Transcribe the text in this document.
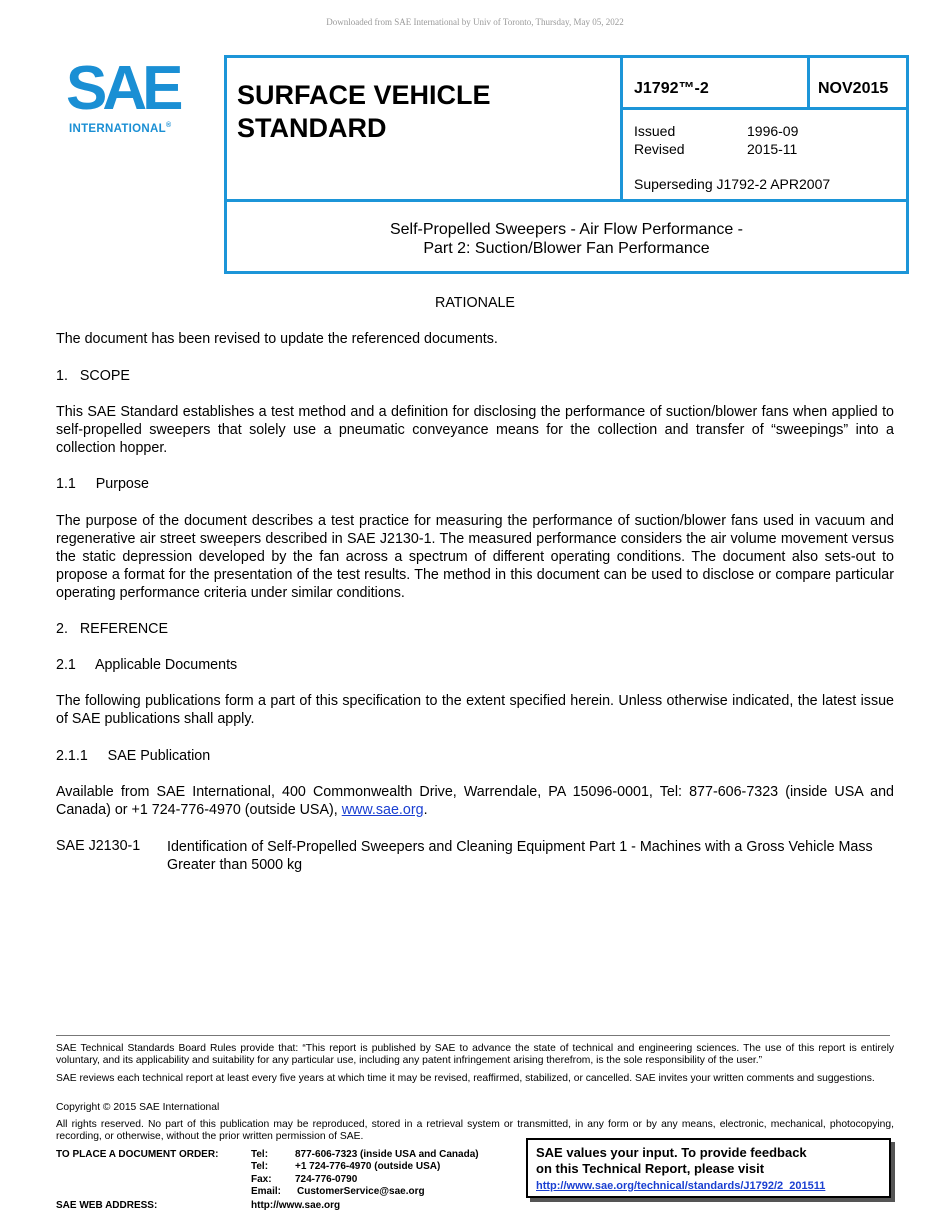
Downloaded from SAE International by Univ of Toronto, Thursday, May 05, 2022
SAE
INTERNATIONAL®
SURFACE VEHICLE
STANDARD
J1792™-2	NOV2015
Issued	1996-09
Revised	2015-11
Superseding J1792-2 APR2007
Self-Propelled Sweepers - Air Flow Performance -
Part 2: Suction/Blower Fan Performance
RATIONALE
The document has been revised to update the referenced documents.
1.   SCOPE
This SAE Standard establishes a test method and a definition for disclosing the performance of suction/blower fans when applied to self-propelled sweepers that solely use a pneumatic conveyance means for the collection and transfer of “sweepings” into a collection hopper.
1.1     Purpose
The purpose of the document describes a test practice for measuring the performance of suction/blower fans used in vacuum and regenerative air street sweepers described in SAE J2130-1. The measured performance considers the air volume movement versus the static depression developed by the fan across a spectrum of different operating conditions. The document also sets-out to propose a format for the presentation of the test results. The method in this document can be used to disclose or compare particular operating performance criteria under similar conditions.
2.   REFERENCE
2.1     Applicable Documents
The following publications form a part of this specification to the extent specified herein. Unless otherwise indicated, the latest issue of SAE publications shall apply.
2.1.1     SAE Publication
Available from SAE International, 400 Commonwealth Drive, Warrendale, PA 15096-0001, Tel: 877-606-7323 (inside USA and Canada) or +1 724-776-4970 (outside USA), www.sae.org.
SAE J2130-1 Identification of Self-Propelled Sweepers and Cleaning Equipment Part 1 - Machines with a Gross Vehicle Mass Greater than 5000 kg
SAE Technical Standards Board Rules provide that: “This report is published by SAE to advance the state of technical and engineering sciences. The use of this report is entirely voluntary, and its applicability and suitability for any particular use, including any patent infringement arising therefrom, is the sole responsibility of the user.”
SAE reviews each technical report at least every five years at which time it may be revised, reaffirmed, stabilized, or cancelled. SAE invites your written comments and suggestions.
Copyright © 2015 SAE International
All rights reserved. No part of this publication may be reproduced, stored in a retrieval system or transmitted, in any form or by any means, electronic, mechanical, photocopying, recording, or otherwise, without the prior written permission of SAE.
TO PLACE A DOCUMENT ORDER:	Tel:	877-606-7323 (inside USA and Canada)
Tel:	+1 724-776-4970 (outside USA)
Fax: 724-776-0790
Email: CustomerService@sae.org
SAE WEB ADDRESS:	http://www.sae.org
SAE values your input. To provide feedback
on this Technical Report, please visit
http://www.sae.org/technical/standards/J1792/2_201511
